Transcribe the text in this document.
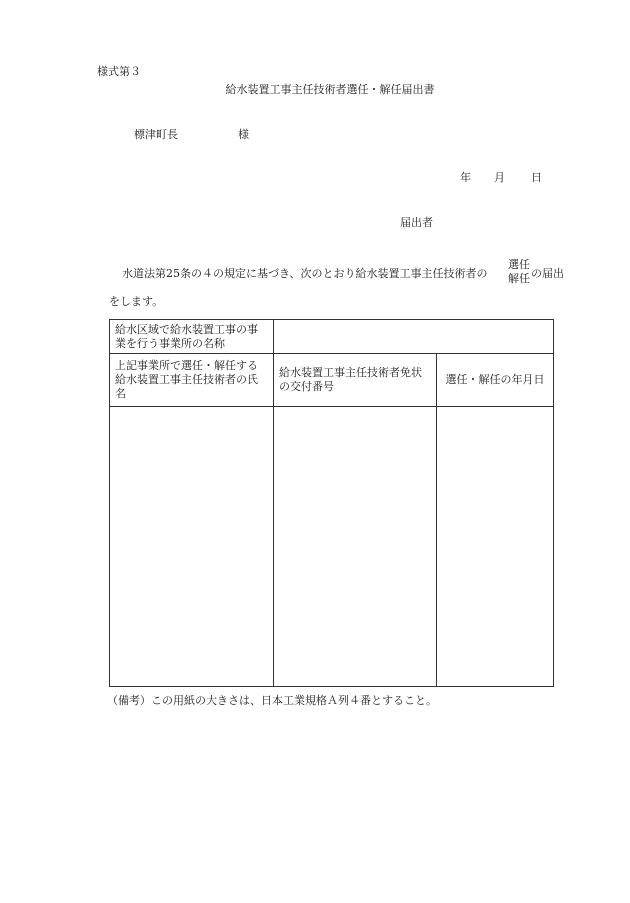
様式第３
給水装置工事主任技術者選任・解任届出書
標津町長	様
年 月 日
届出者
水道法第25条の４の規定に基づき、次のとおり給水装置工事主任技術者の
選任
解任 の届出
をします。
給水区域で給水装置工事の事業を行う事業所の名称		
上記事業所で選任・解任する給水装置工事主任技術者の氏名	給水装置工事主任技術者免状の交付番号	選任・解任の年月日

（備考）この用紙の大きさは、日本工業規格Ａ列４番とすること。
